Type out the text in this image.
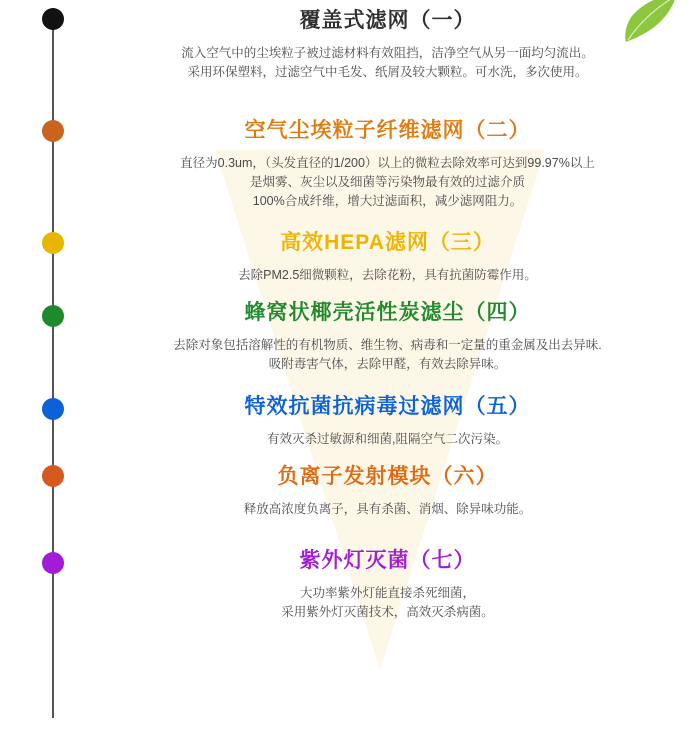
覆盖式滤网（一）
流入空气中的尘埃粒子被过滤材料有效阻挡，洁净空气从另一面均匀流出。
采用环保塑料，过滤空气中毛发、纸屑及较大颗粒。可水洗，多次使用。
空气尘埃粒子纤维滤网（二）
直径为0.3um，（头发直径的1/200）以上的微粒去除效率可达到99.97%以上
是烟雾、灰尘以及细菌等污染物最有效的过滤介质
100%合成纤维，增大过滤面积，减少滤网阻力。
高效HEPA滤网（三）
去除PM2.5细微颗粒，去除花粉，具有抗菌防霉作用。
蜂窝状椰壳活性炭滤尘（四）
去除对象包括溶解性的有机物质、维生物、病毒和一定量的重金属及出去异味.
吸附毒害气体，去除甲醛，有效去除异味。
特效抗菌抗病毒过滤网（五）
有效灭杀过敏源和细菌,阻隔空气二次污染。
负离子发射模块（六）
释放高浓度负离子，具有杀菌、消烟、除异味功能。
紫外灯灭菌（七）
大功率紫外灯能直接杀死细菌，
采用紫外灯灭菌技术，高效灭杀病菌。
